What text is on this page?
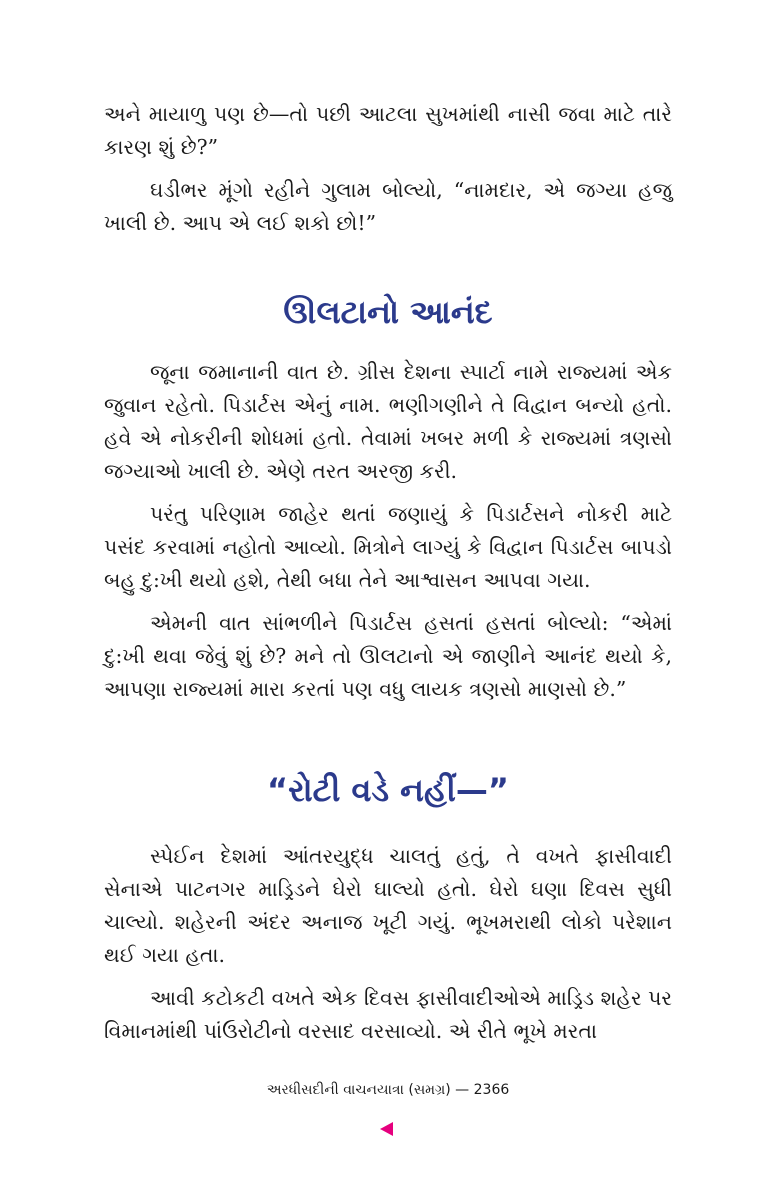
અને માયાળુ પણ છે—તો પછી આટલા સુખમાંથી નાસી જવા માટે તારે કારણ શું છે?”

ઘડીભર મૂંગો રહીને ગુલામ બોલ્યો, “નામદાર, એ જગ્યા હજુ ખાલી છે. આપ એ લઈ શકો છો!”

ઊલટાનો આનંદ

જૂના જમાનાની વાત છે. ગ્રીસ દેશના સ્પાર્ટા નામે રાજ્યમાં એક જુવાન રહેતો. પિડાર્ટસ એનું નામ. ભણીગણીને તે વિદ્વાન બન્યો હતો. હવે એ નોકરીની શોધમાં હતો. તેવામાં ખબર મળી કે રાજ્યમાં ત્રણસો જગ્યાઓ ખાલી છે. એણે તરત અરજી કરી.

પરંતુ પરિણામ જાહેર થતાં જણાયું કે પિડાર્ટસને નોકરી માટે પસંદ કરવામાં નહોતો આવ્યો. મિત્રોને લાગ્યું કે વિદ્વાન પિડાર્ટસ બાપડો બહુ દુ:ખી થયો હશે, તેથી બધા તેને આશ્વાસન આપવા ગયા.

એમની વાત સાંભળીને પિડાર્ટસ હસતાં હસતાં બોલ્યો: “એમાં દુ:ખી થવા જેવું શું છે? મને તો ઊલટાનો એ જાણીને આનંદ થયો કે, આપણા રાજ્યમાં મારા કરતાં પણ વધુ લાયક ત્રણસો માણસો છે.”

“રોટી વડે નહીં—”

સ્પેઈન દેશમાં આંતરયુદ્ધ ચાલતું હતું, તે વખતે ફાસીવાદી સેનાએ પાટનગર માડ્રિડને ઘેરો ઘાલ્યો હતો. ઘેરો ઘણા દિવસ સુધી ચાલ્યો. શહેરની અંદર અનાજ ખૂટી ગયું. ભૂખમરાથી લોકો પરેશાન થઈ ગયા હતા.

આવી કટોકટી વખતે એક દિવસ ફાસીવાદીઓએ માડ્રિડ શહેર પર વિમાનમાંથી પાંઉરોટીનો વરસાદ વરસાવ્યો. એ રીતે ભૂખે મરતા

અરધીસદીની વાચનયાત્રા (સમગ્ર) — 2366
